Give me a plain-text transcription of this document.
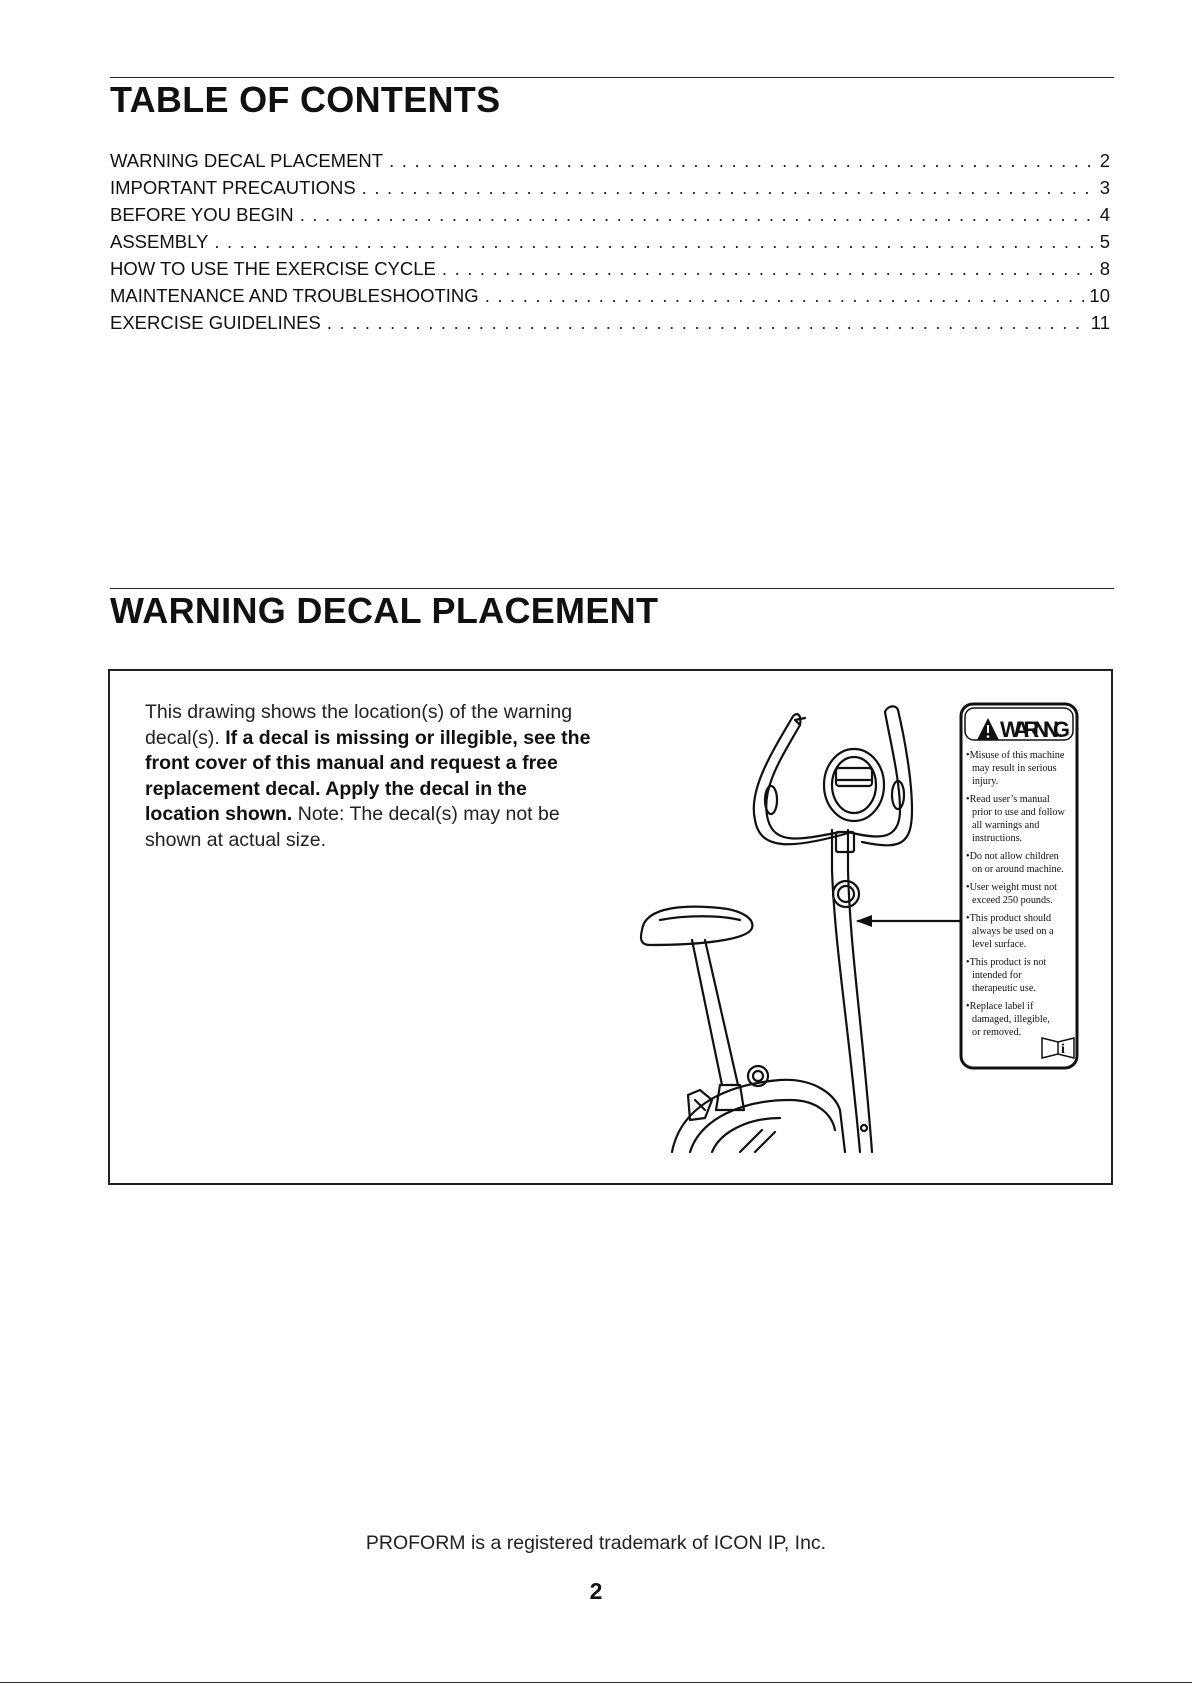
TABLE OF CONTENTS
WARNING DECAL PLACEMENT . . .	2
IMPORTANT PRECAUTIONS . . .	3
BEFORE YOU BEGIN . . .	4
ASSEMBLY . . .	5
HOW TO USE THE EXERCISE CYCLE . . .	8
MAINTENANCE AND TROUBLESHOOTING . . .	10
EXERCISE GUIDELINES . . .	11
WARNING DECAL PLACEMENT
This drawing shows the location(s) of the warning decal(s). If a decal is missing or illegible, see the front cover of this manual and request a free replacement decal. Apply the decal in the location shown. Note: The decal(s) may not be shown at actual size.
WARNING
•Misuse of this machine
may result in serious
injury.
•Read user’s manual
prior to use and follow
all warnings and
instructions.
•Do not allow children
on or around machine.
•User weight must not
exceed 250 pounds.
•This product should
always be used on a
level surface.
•This product is not
intended for
therapeutic use.
•Replace label if
damaged, illegible,
or removed.
i
PROFORM is a registered trademark of ICON IP, Inc.
2
